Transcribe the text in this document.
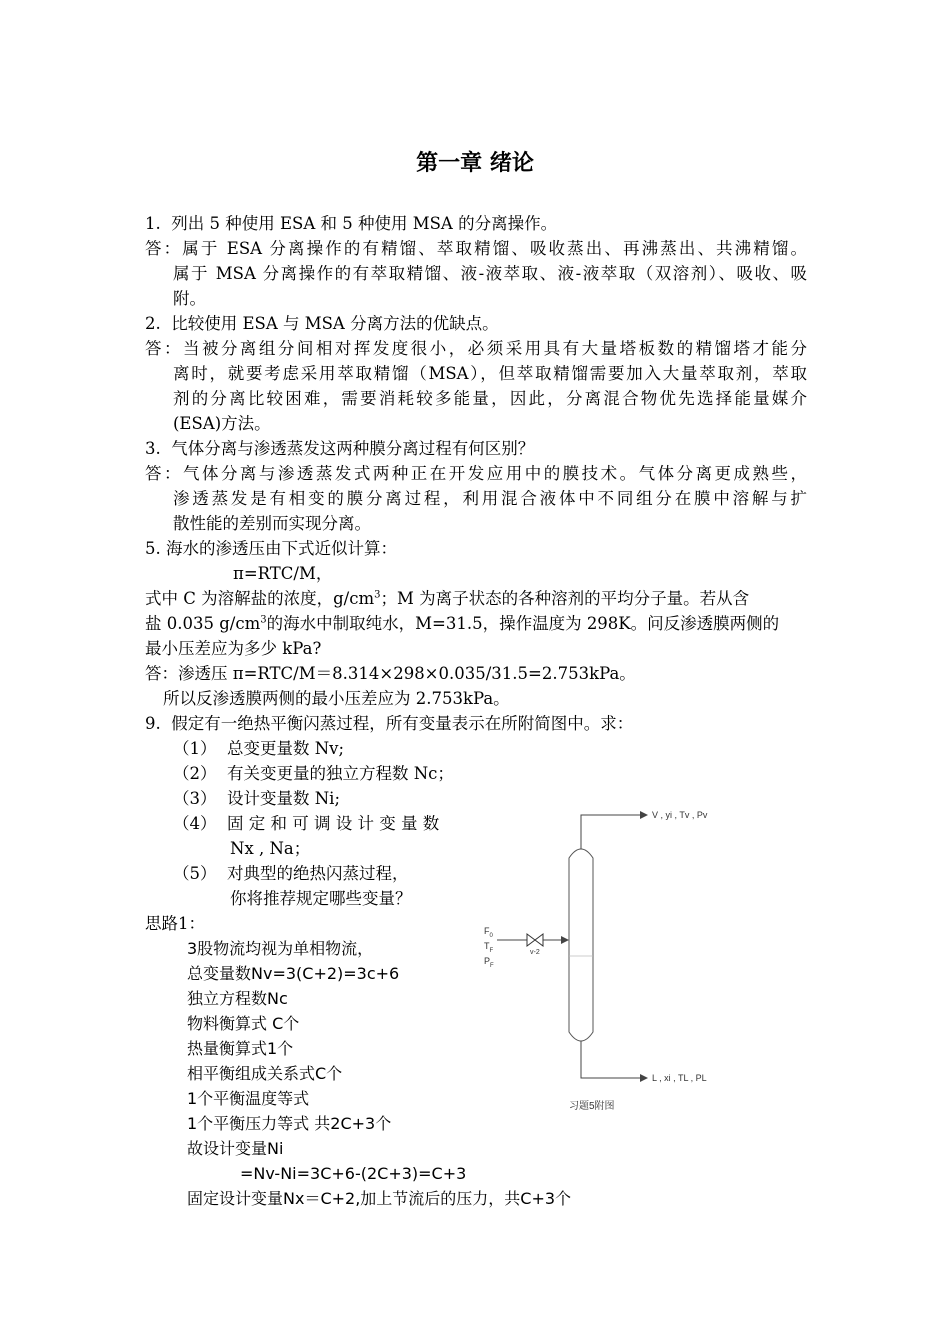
第一章 绪论
1.  列出 5 种使用 ESA 和 5 种使用 MSA 的分离操作。
答：属于 ESA 分离操作的有精馏、萃取精馏、吸收蒸出、再沸蒸出、共沸精馏。
属于 MSA 分离操作的有萃取精馏、液-液萃取、液-液萃取（双溶剂）、吸收、吸
附。
2.  比较使用 ESA 与 MSA 分离方法的优缺点。
答：当被分离组分间相对挥发度很小，必须采用具有大量塔板数的精馏塔才能分
离时，就要考虑采用萃取精馏（MSA），但萃取精馏需要加入大量萃取剂，萃取
剂的分离比较困难，需要消耗较多能量，因此，分离混合物优先选择能量媒介
(ESA)方法。
3.  气体分离与渗透蒸发这两种膜分离过程有何区别？
答：气体分离与渗透蒸发式两种正在开发应用中的膜技术。气体分离更成熟些，
渗透蒸发是有相变的膜分离过程，利用混合液体中不同组分在膜中溶解与扩
散性能的差别而实现分离。
5. 海水的渗透压由下式近似计算：
π=RTC/M，
式中 C 为溶解盐的浓度，$g/cm^3$；M 为离子状态的各种溶剂的平均分子量。若从含
盐 0.035 $g/cm^3$的海水中制取纯水，M=31.5，操作温度为 298K。问反渗透膜两侧的
最小压差应为多少 kPa?
答：渗透压 π=RTC/M＝8.314×298×0.035/31.5=2.753kPa。
所以反渗透膜两侧的最小压差应为 2.753kPa。
9.  假定有一绝热平衡闪蒸过程，所有变量表示在所附简图中。求：
（1）  总变更量数 Nv;
（2）  有关变更量的独立方程数 Nc；
（3）  设计变量数 Ni;
（4）  固 定 和 可 调 设 计 变 量 数
Nx , Na；
（5）  对典型的绝热闪蒸过程，
你将推荐规定哪些变量？
思路1：
3股物流均视为单相物流，
总变量数Nv=3(C+2)=3c+6
独立方程数Nc
物料衡算式 C个
热量衡算式1个
相平衡组成关系式C个
1个平衡温度等式
1个平衡压力等式 共2C+3个
故设计变量Ni
=Nv-Ni=3C+6-(2C+3)=C+3
固定设计变量Nx＝C+2,加上节流后的压力，共C+3个
V , yi , Tv , Pv
$F_0$
$T_F$
$P_F$
v-2
L , xi , TL , PL
习题5附图
